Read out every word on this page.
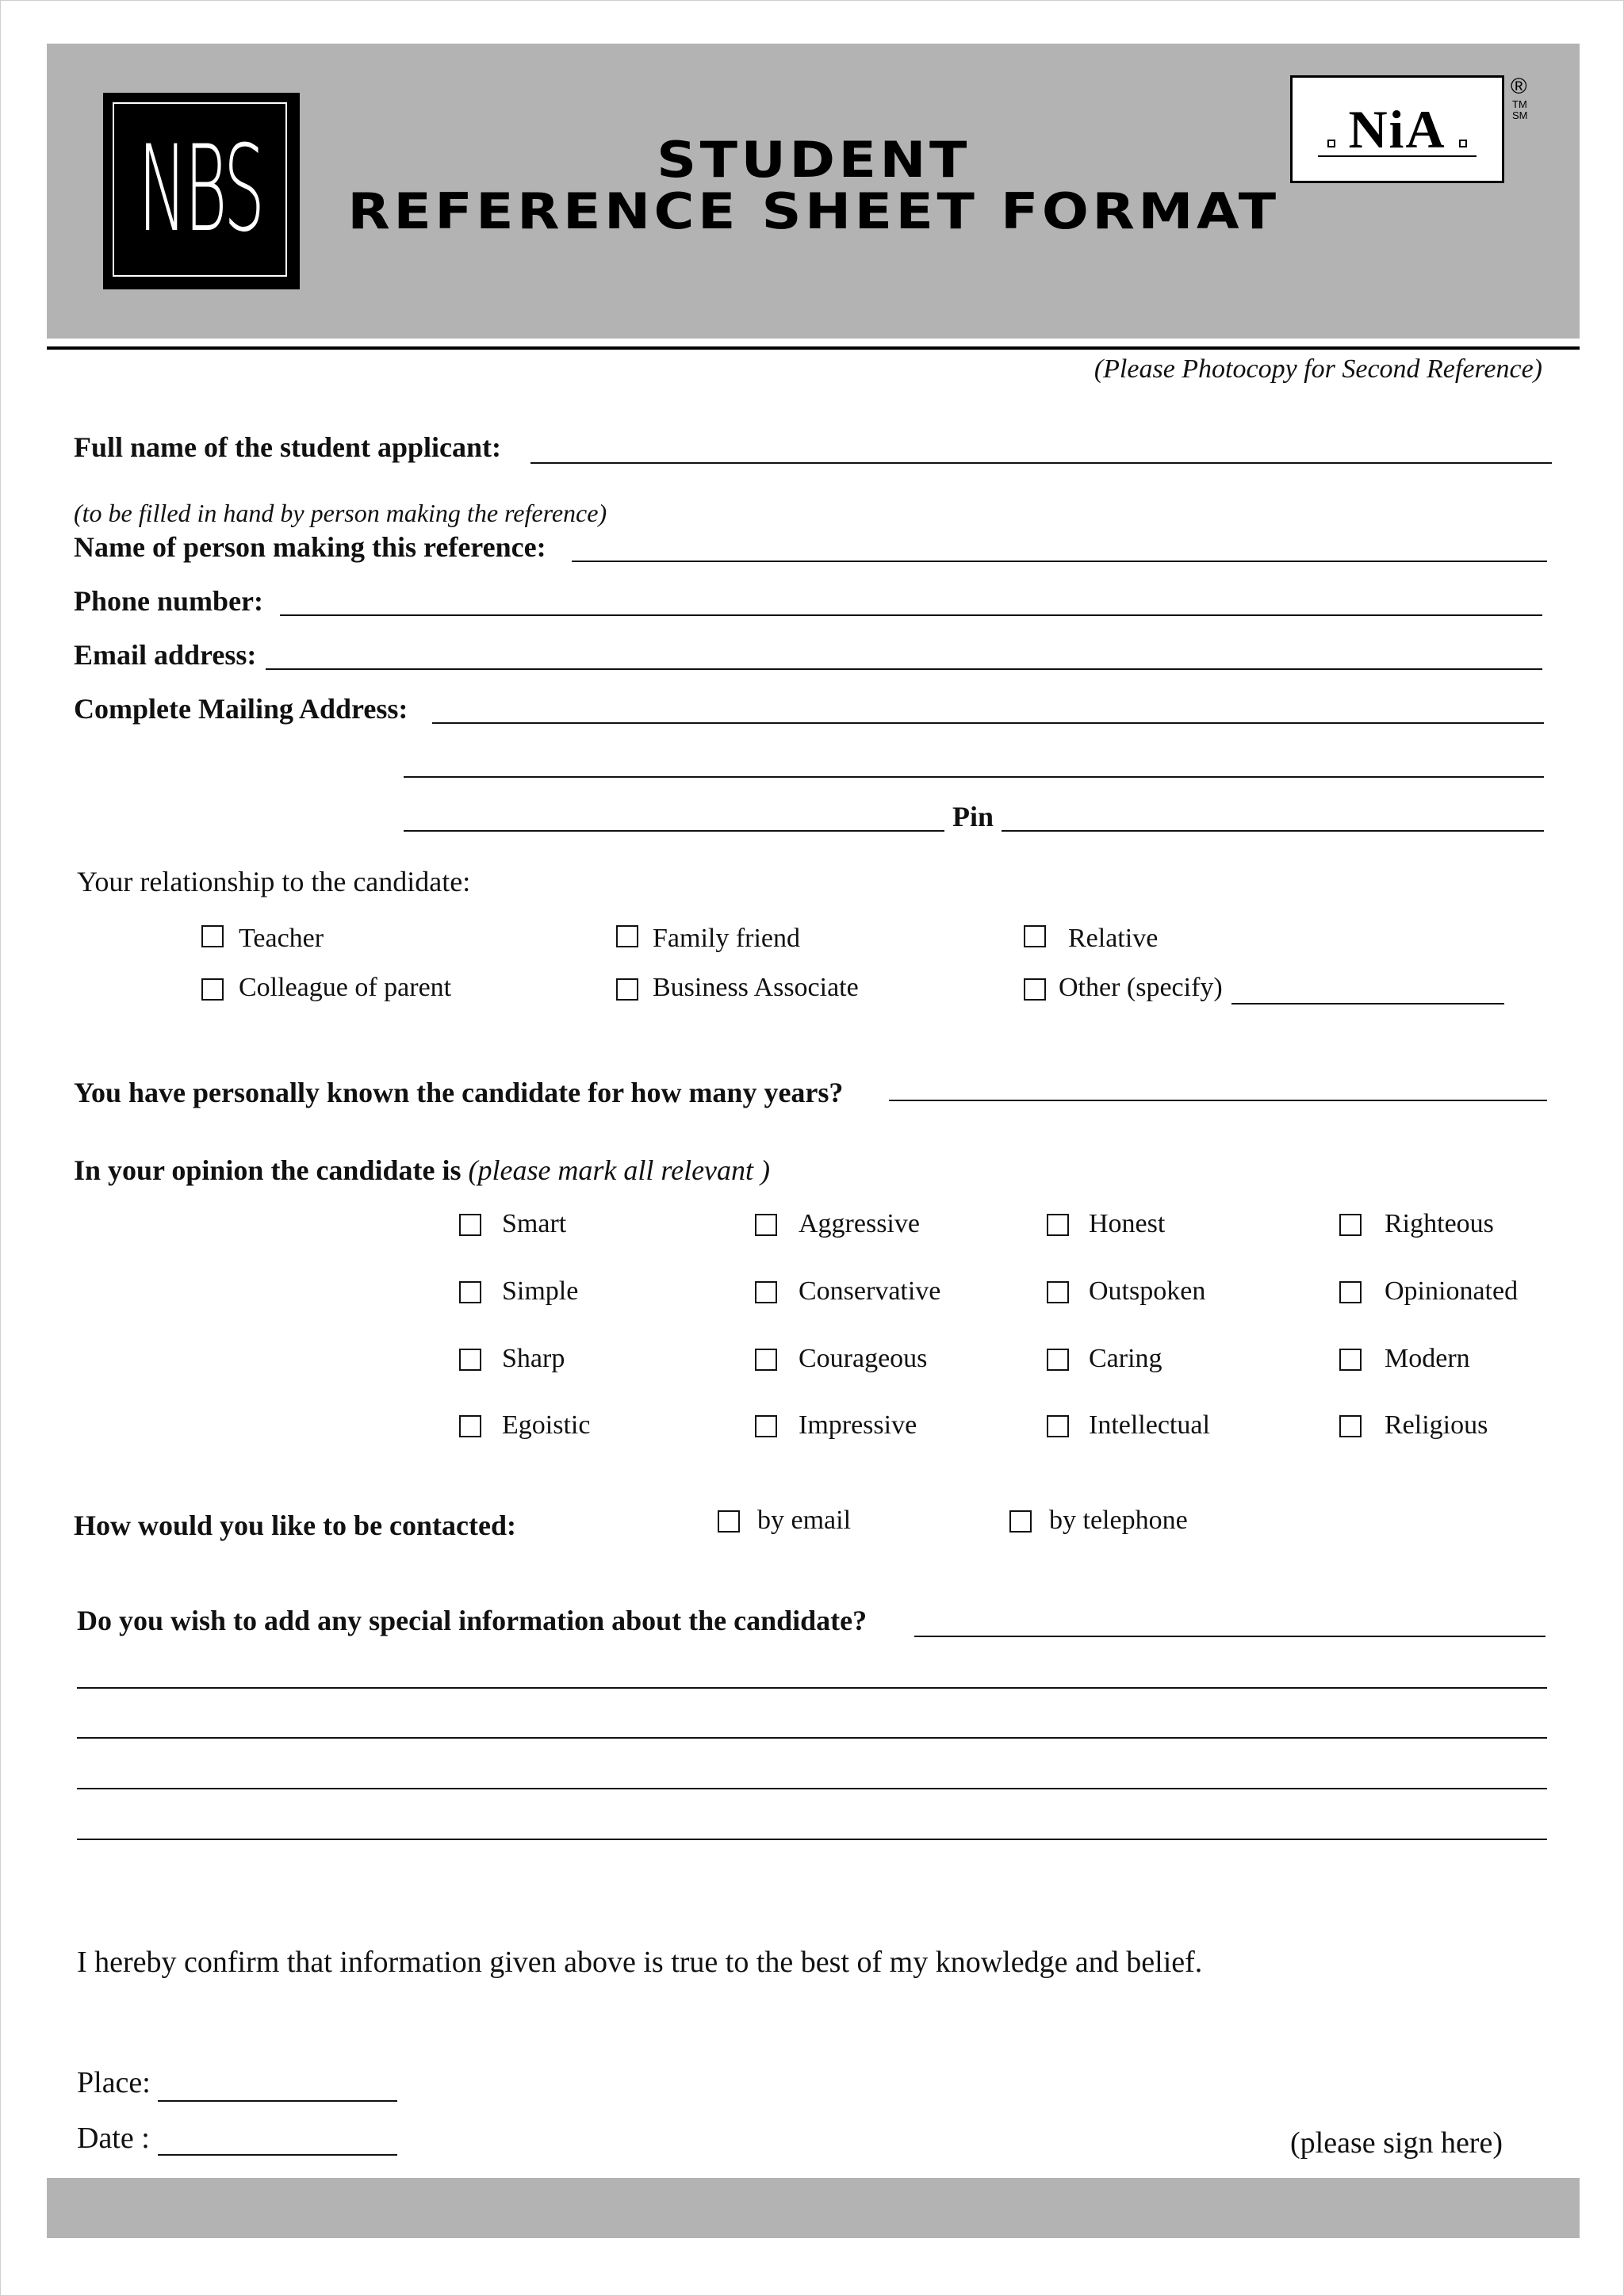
NBS	STUDENT
REFERENCE SHEET FORMAT
NiA
®
TM
SM
(Please Photocopy for Second Reference)
Full name of the student applicant:
(to be filled in hand by person making the reference)
Name of person making this reference:
Phone number:
Email address:
Complete Mailing Address:
Pin
Your relationship to the candidate:
Teacher	Family friend	Relative
Colleague of parent	Business Associate	Other (specify)
You have personally known the candidate for how many years?
In your opinion the candidate is (please mark all relevant )
Smart	Aggressive	Honest	Righteous
Simple	Conservative	Outspoken	Opinionated
Sharp	Courageous	Caring	Modern
Egoistic	Impressive	Intellectual	Religious
How would you like to be contacted:	by email	by telephone
Do you wish to add any special information about the candidate?
I hereby confirm that information given above is true to the best of my knowledge and belief.
Place:
Date :	(please sign here)
